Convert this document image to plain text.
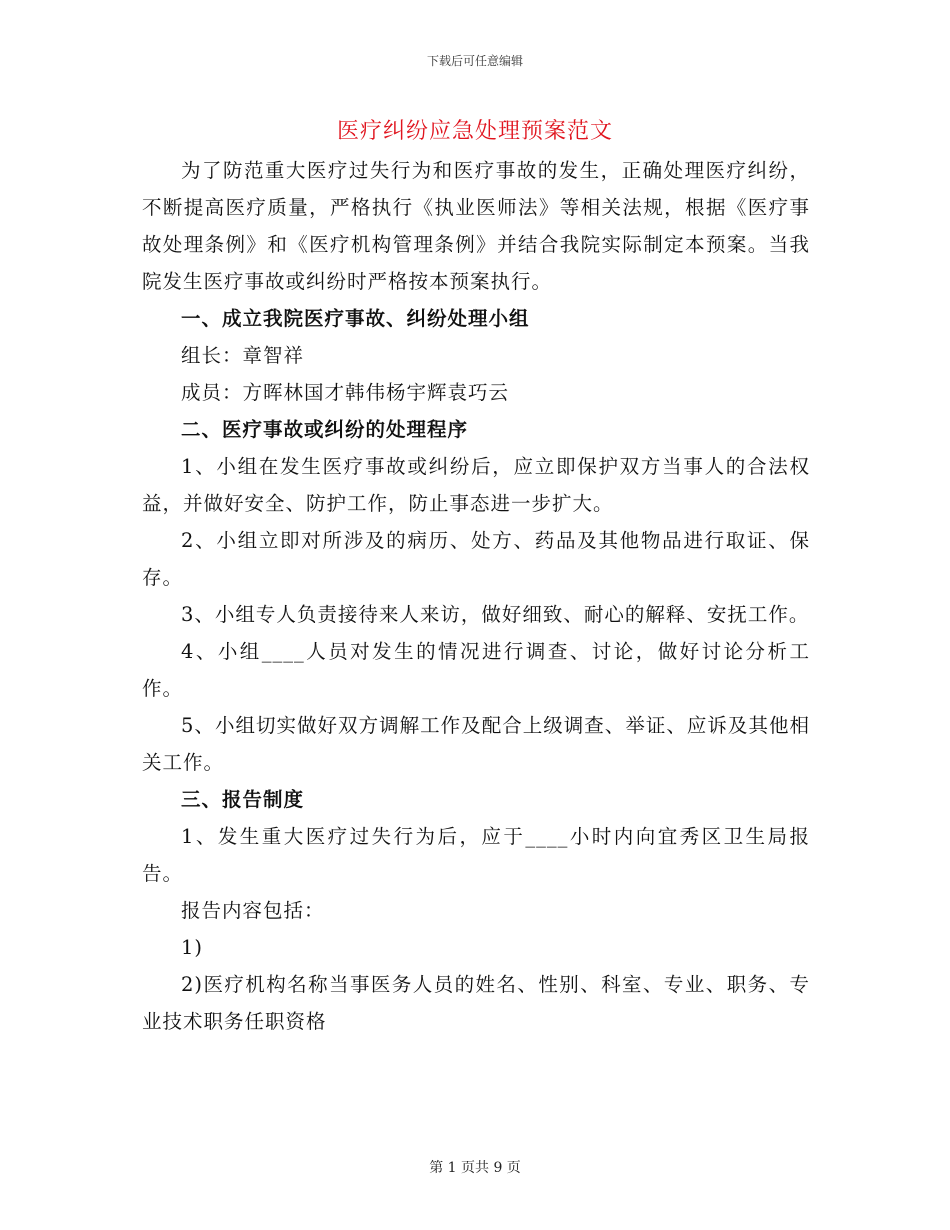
下载后可任意编辑
医疗纠纷应急处理预案范文

为了防范重大医疗过失行为和医疗事故的发生，正确处理医疗纠纷，不断提高医疗质量，严格执行《执业医师法》等相关法规，根据《医疗事故处理条例》和《医疗机构管理条例》并结合我院实际制定本预案。当我院发生医疗事故或纠纷时严格按本预案执行。

一、成立我院医疗事故、纠纷处理小组

组长：章智祥

成员：方晖林国才韩伟杨宇辉袁巧云

二、医疗事故或纠纷的处理程序

1、小组在发生医疗事故或纠纷后，应立即保护双方当事人的合法权益，并做好安全、防护工作，防止事态进一步扩大。

2、小组立即对所涉及的病历、处方、药品及其他物品进行取证、保存。

3、小组专人负责接待来人来访，做好细致、耐心的解释、安抚工作。

4、小组____人员对发生的情况进行调查、讨论，做好讨论分析工作。

5、小组切实做好双方调解工作及配合上级调查、举证、应诉及其他相关工作。

三、报告制度

1、发生重大医疗过失行为后，应于____小时内向宜秀区卫生局报告。

报告内容包括：

1)

2)医疗机构名称当事医务人员的姓名、性别、科室、专业、职务、专业技术职务任职资格

第 1 页共 9 页
